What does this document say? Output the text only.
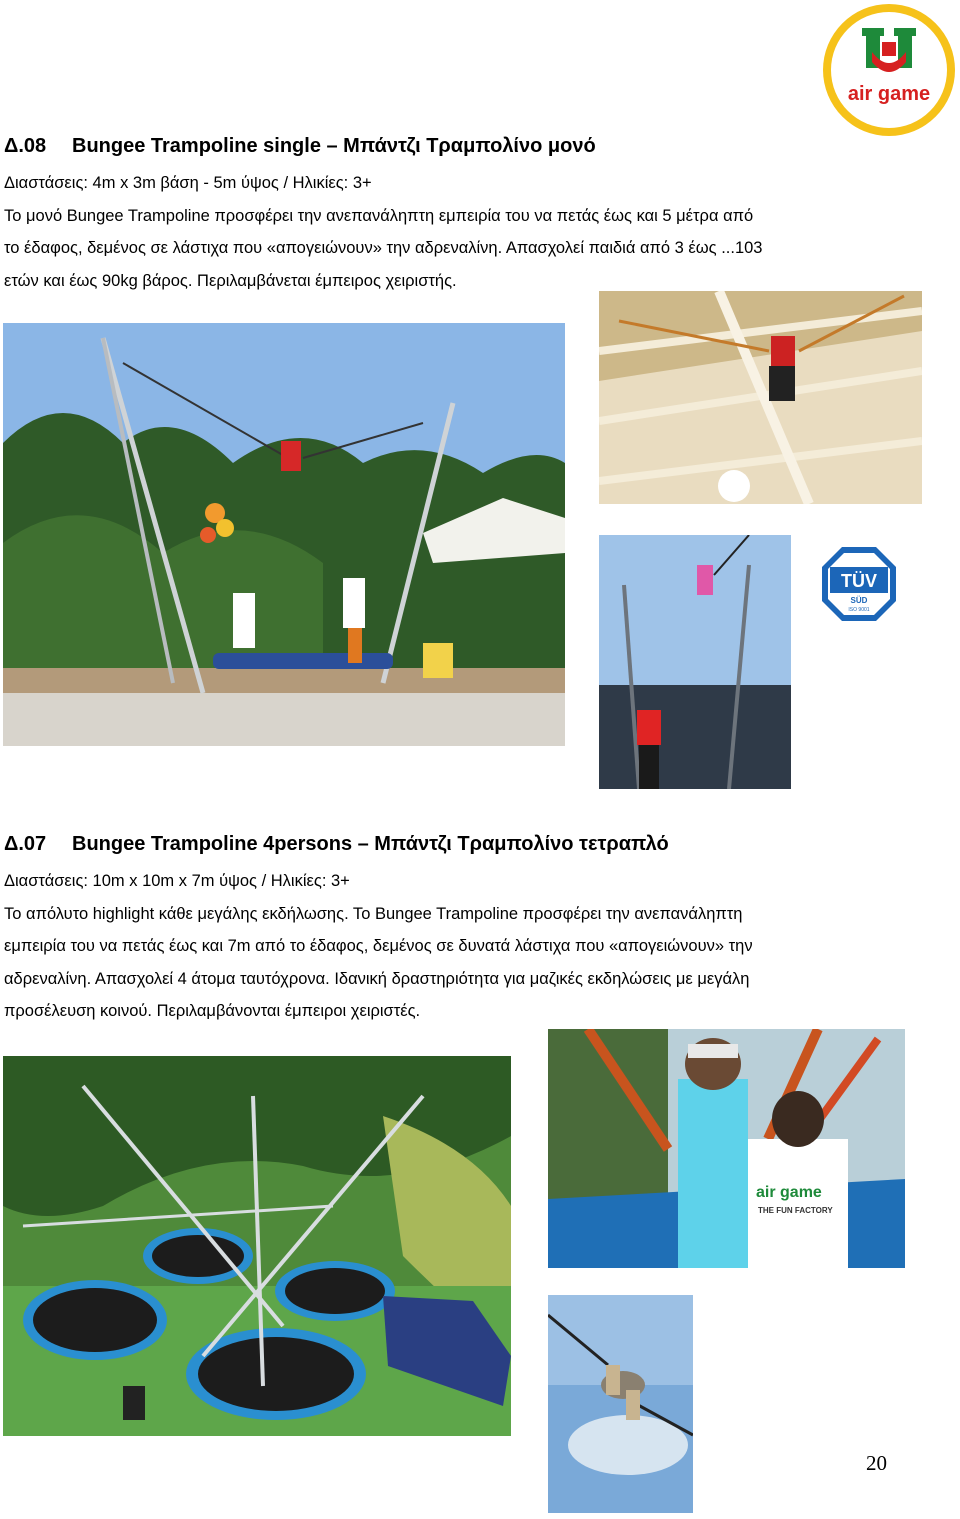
air game
Δ.08 Bungee Trampoline single – Μπάντζι Τραμπολίνο μονό
Διαστάσεις: 4m x 3m βάση - 5m ύψος / Ηλικίες: 3+
Το μονό Bungee Trampoline προσφέρει την ανεπανάληπτη εμπειρία του να πετάς έως και 5 μέτρα από
το έδαφος, δεμένος σε λάστιχα που «απογειώνουν» την αδρεναλίνη. Απασχολεί παιδιά από 3 έως ...103
ετών και έως 90kg βάρος. Περιλαμβάνεται έμπειρος χειριστής.
TÜV
SÜD
ISO 9001
Δ.07 Bungee Trampoline 4persons – Μπάντζι Τραμπολίνο τετραπλό
Διαστάσεις: 10m x 10m x 7m ύψος / Ηλικίες: 3+
Το απόλυτο highlight κάθε μεγάλης εκδήλωσης. Το Bungee Trampoline προσφέρει την ανεπανάληπτη
εμπειρία του να πετάς έως και 7m από το έδαφος, δεμένος σε δυνατά λάστιχα που «απογειώνουν» την
αδρεναλίνη. Απασχολεί 4 άτομα ταυτόχρονα. Ιδανική δραστηριότητα για μαζικές εκδηλώσεις με μεγάλη
προσέλευση κοινού. Περιλαμβάνονται έμπειροι χειριστές.
air game
THE FUN FACTORY
20
